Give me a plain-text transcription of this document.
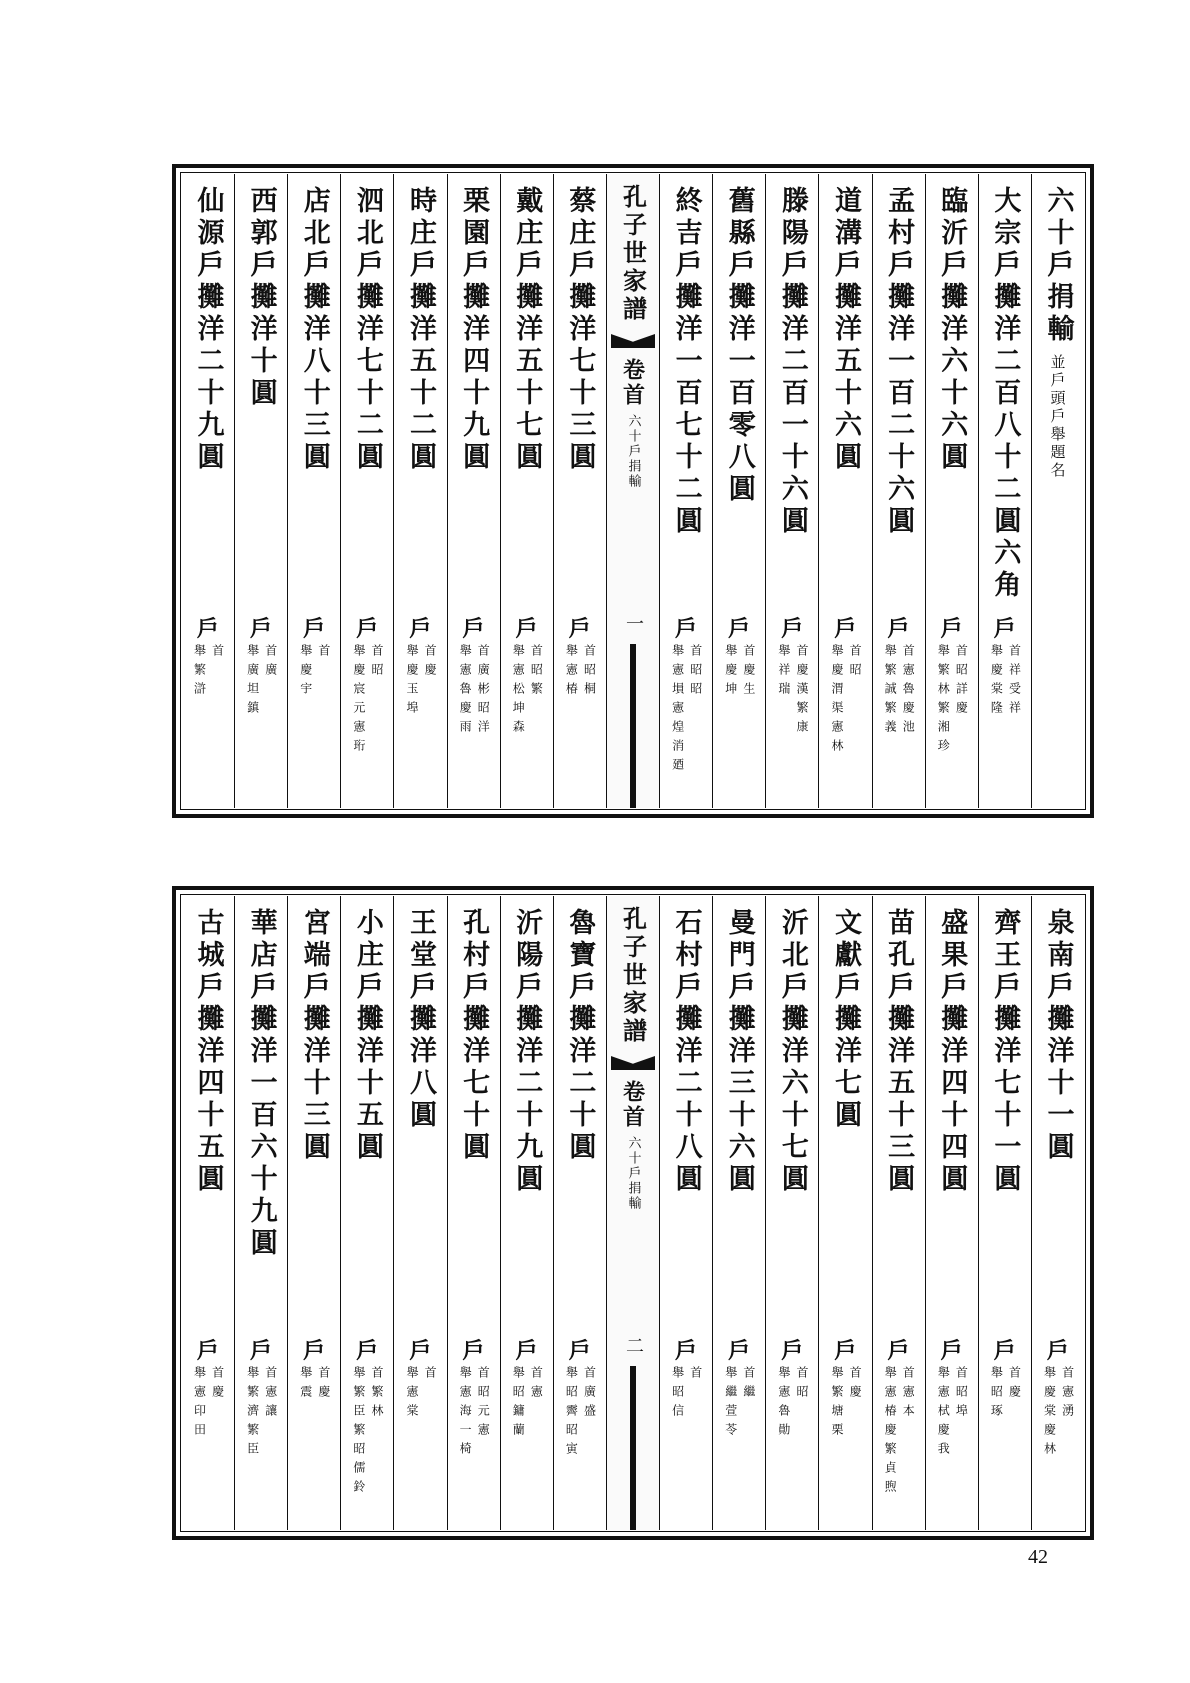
六十戶捐輸並戶頭戶舉題名
大宗戶攤洋二百八十二圓六角
戶
首祥受祥
舉慶棠隆
臨沂戶攤洋六十六圓
戶
首昭詳慶
舉繁林繁湘珍
孟村戶攤洋一百二十六圓
戶
首憲魯慶池
舉繁誠繁義
道溝戶攤洋五十六圓
戶
首昭
舉慶渭渠憲林
滕陽戶攤洋二百一十六圓
戶
首慶漢繁康
舉祥瑞
舊縣戶攤洋一百零八圓
戶
首慶生
舉慶坤
終吉戶攤洋一百七十二圓
戶
首昭昭
舉憲塤憲煌消廼
孔子世家譜
卷首
六十戶捐輸
一
蔡庄戶攤洋七十三圓
戶
首昭桐
舉憲椿
戴庄戶攤洋五十七圓
戶
首昭繁
舉憲松坤森
栗園戶攤洋四十九圓
戶
首廣彬昭洋
舉憲魯慶雨
時庄戶攤洋五十二圓
戶
首慶
舉慶玉埠
泗北戶攤洋七十二圓
戶
首昭
舉慶宸元憲珩
店北戶攤洋八十三圓
戶
首
舉慶宇
西郭戶攤洋十圓
戶
首廣
舉廣坦鎮
仙源戶攤洋二十九圓
戶
首
舉繁滸
泉南戶攤洋十一圓
戶
首憲湧
舉慶棠慶林
齊王戶攤洋七十一圓
戶
首慶
舉昭琢
盛果戶攤洋四十四圓
戶
首昭埠
舉憲栻慶我
苗孔戶攤洋五十三圓
戶
首憲本
舉憲椿慶繁貞煦
文獻戶攤洋七圓
戶
首慶
舉繁塘栗
沂北戶攤洋六十七圓
戶
首昭
舉憲魯勛
曼門戶攤洋三十六圓
戶
首繼
舉繼萱苓
石村戶攤洋二十八圓
戶
首
舉昭信
孔子世家譜
卷首
六十戶捐輸
二
魯寶戶攤洋二十圓
戶
首廣盛
舉昭霽昭寅
沂陽戶攤洋二十九圓
戶
首憲
舉昭鏞蘭
孔村戶攤洋七十圓
戶
首昭元憲
舉憲海一椅
王堂戶攤洋八圓
戶
首
舉憲棠
小庄戶攤洋十五圓
戶
首繁林
舉繁臣繁昭儒鈴
宮端戶攤洋十三圓
戶
首慶
舉震
華店戶攤洋一百六十九圓
戶
首憲讓
舉繁濟繁臣
古城戶攤洋四十五圓
戶
首慶
舉憲印田
42
